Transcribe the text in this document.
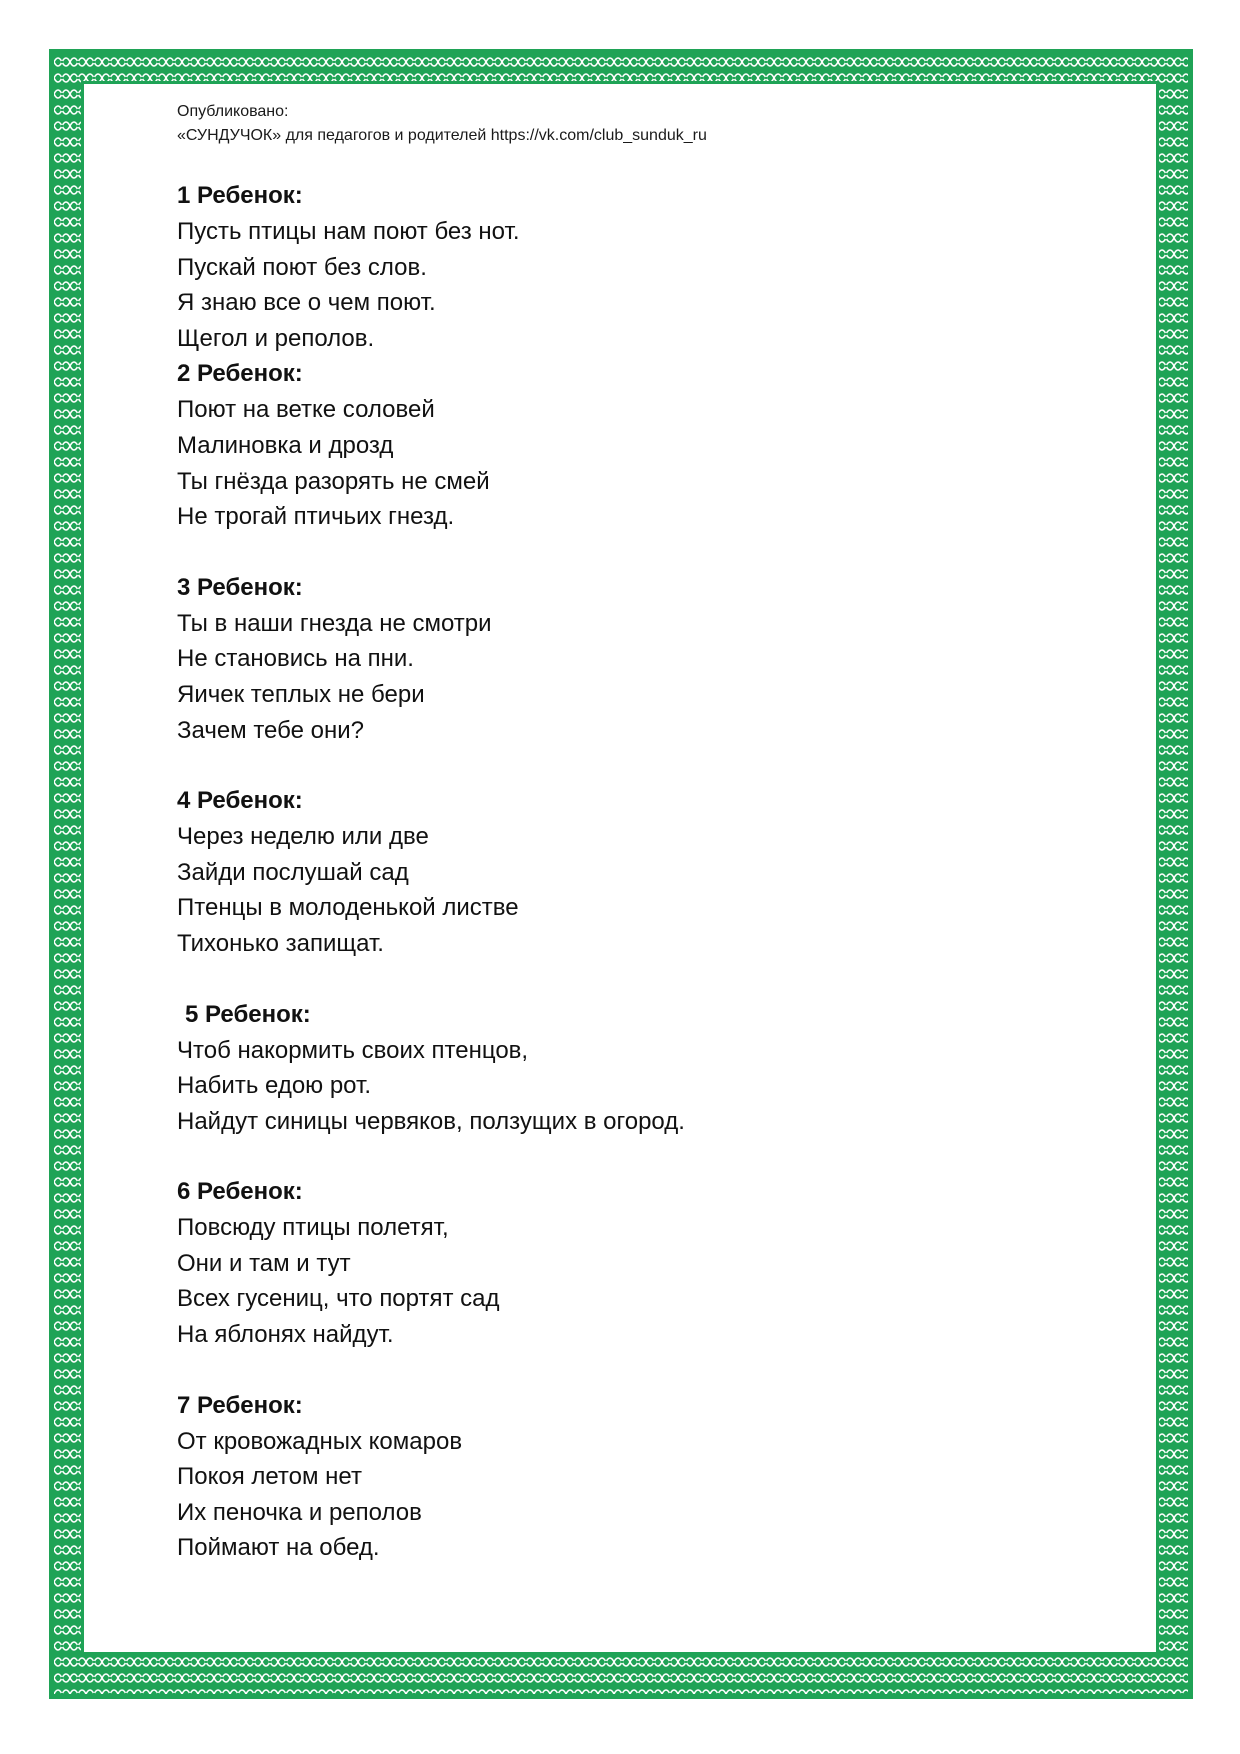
Опубликовано:
«СУНДУЧОК» для педагогов и родителей https://vk.com/club_sunduk_ru
1 Ребенок:
Пусть птицы нам поют без нот.
Пускай поют без слов.
Я знаю все о чем поют.
Щегол и реполов.
2 Ребенок:
Поют на ветке соловей
Малиновка и дрозд
Ты гнёзда разорять не смей
Не трогай птичьих гнезд.
3 Ребенок:
Ты в наши гнезда не смотри
Не становись на пни.
Яичек теплых не бери
Зачем тебе они?
4 Ребенок:
Через неделю или две
Зайди послушай сад
Птенцы в молоденькой листве
Тихонько запищат.
5 Ребенок:
Чтоб накормить своих птенцов,
Набить едою рот.
Найдут синицы червяков, ползущих в огород.
6 Ребенок:
Повсюду птицы полетят,
Они и там и тут
Всех гусениц, что портят сад
На яблонях найдут.
7 Ребенок:
От кровожадных комаров
Покоя летом нет
Их пеночка и реполов
Поймают на обед.
